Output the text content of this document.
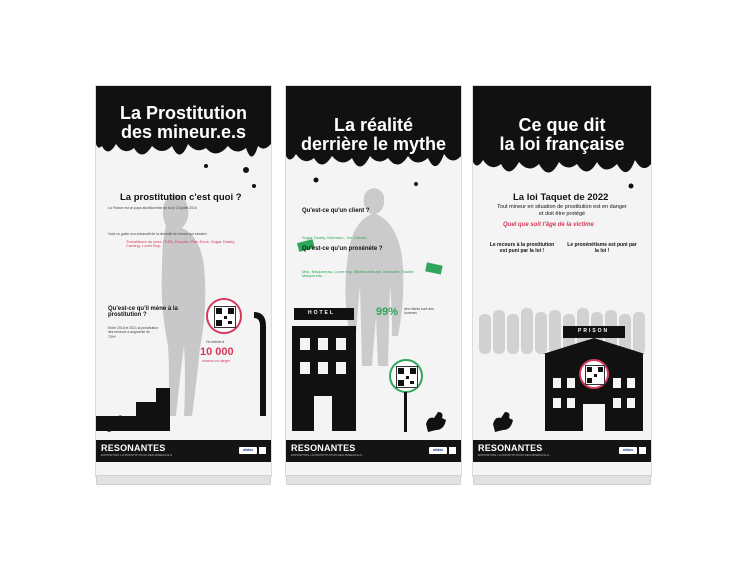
La Prostitution
des mineur.e.s

La prostitution c'est quoi ?

La France est un pays abolitionniste de la loi 13 juillet 2016

Voici un guide non-exhaustif de la diversité de formes qui existent :

Travailleurs du sexe (TdS), Escorts, Plan Sous, Sugar Daddy, Caming, Lover Boy...

Qu'est-ce qu'il mène à la prostitution ?

Entre 2016 et 2021 la prostitution des mineurs a augmenté de 70%*

On estime à

10 000

mineurs en danger

RESONANTES
EXPOSITION LA PROSTITUTION DES MINEUR.E.S
alidos

La réalité
derrière le mythe

Qu'est-ce qu'un client ?

Sugar Daddy, Micheton, Jon, Michel...

Qu'est-ce qu'un proxénète ?

Mac, Maquereau, Lover boy, Michetonneuse, Accroche, Taulier, Maquereau...

99% des clients sont des hommes

HOTEL

RESONANTES
EXPOSITION LA PROSTITUTION DES MINEUR.E.S
alidos

Ce que dit
la loi française

La loi Taquet de 2022

Tout mineur en situation de prostitution est en danger et doit être protégé

Quel que soit l'âge de la victime

Le recours à la prostitution est puni par la loi !

Le proxénétisme est puni par la loi !

PRISON

RESONANTES
EXPOSITION LA PROSTITUTION DES MINEUR.E.S
alidos
